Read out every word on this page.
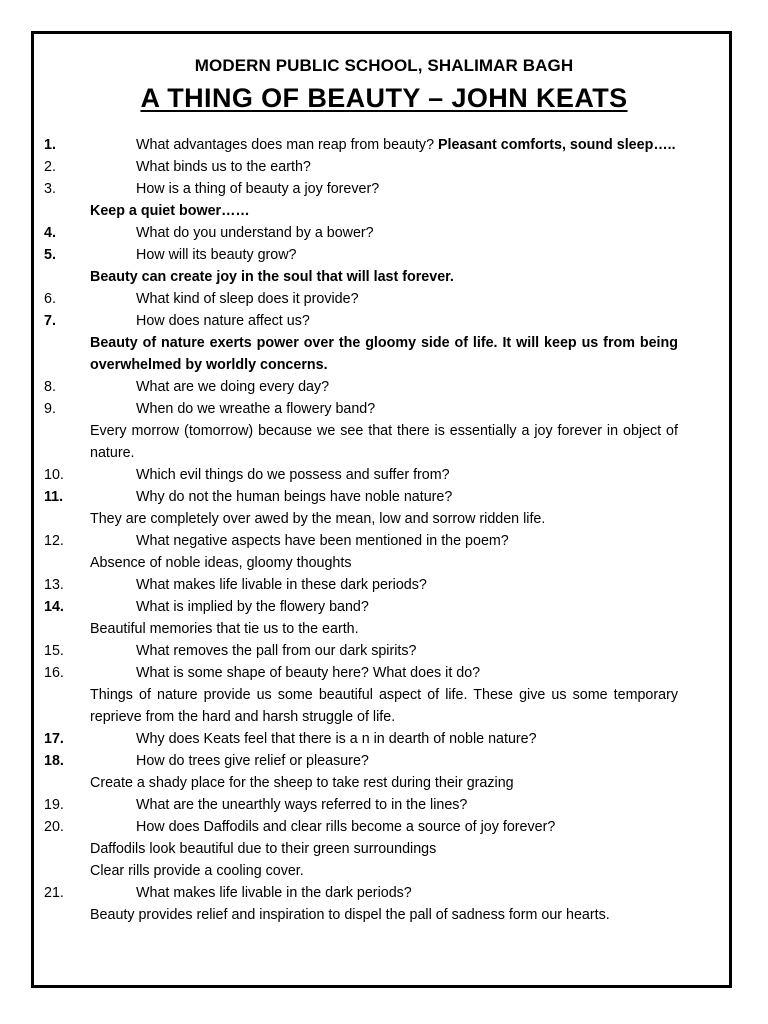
MODERN PUBLIC SCHOOL, SHALIMAR BAGH
A THING OF BEAUTY – JOHN KEATS
1.	What advantages does man reap from beauty? Pleasant comforts, sound sleep…..
2.	What binds us to the earth?
3.	How is a thing of beauty a joy forever?
Keep a quiet bower……
4.	What do you understand by a bower?
5.	How will its beauty grow?
Beauty can create joy in the soul that will last forever.
6.	What kind of sleep does it provide?
7.	How does nature affect us?
Beauty of nature exerts power over the gloomy side of life. It will keep us from being overwhelmed by worldly concerns.
8.	What are we doing every day?
9.	When do we wreathe a flowery band?
Every morrow (tomorrow) because we see that there is essentially a joy forever in object of nature.
10.	Which evil things do we possess and suffer from?
11.	Why do not the human beings have noble nature?
They are completely over awed by the mean, low and sorrow ridden life.
12.	What negative aspects have been mentioned in the poem?
Absence of noble ideas, gloomy thoughts
13.	What makes life livable in these dark periods?
14.	What is implied by the flowery band?
Beautiful memories that tie us to the earth.
15.	What removes the pall from our dark spirits?
16.	What is some shape of beauty here? What does it do?
Things of nature provide us some beautiful aspect of life. These give us some temporary reprieve from the hard and harsh struggle of life.
17.	Why does Keats feel that there is a n in dearth of noble nature?
18.	How do trees give relief or pleasure?
Create a shady place for the sheep to take rest during their grazing
19.	What are the unearthly ways referred to in the lines?
20.	How does Daffodils and clear rills become a source of joy forever?
Daffodils look beautiful due to their green surroundings
Clear rills provide a cooling cover.
21.	What makes life livable in the dark periods?
Beauty provides relief and inspiration to dispel the pall of sadness form our hearts.
